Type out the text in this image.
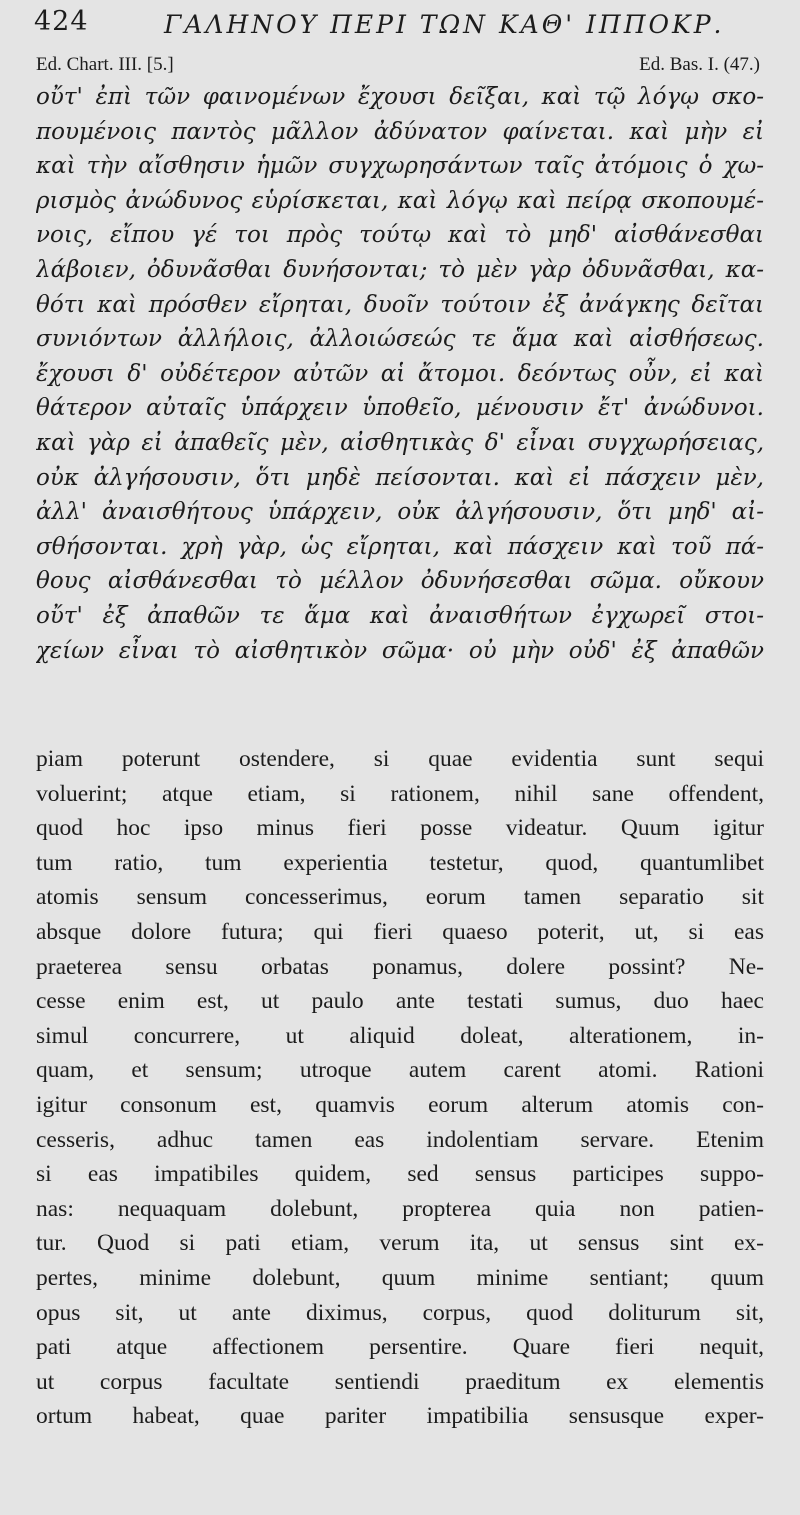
424	ΓΑΛΗΝΟΥ ΠΕΡΙ ΤΩΝ ΚΑΘ' ΙΠΠΟΚΡ.
Ed. Chart. III. [5.]	Ed. Bas. I. (47.)
οὔτ' ἐπὶ τῶν φαινομένων ἔχουσι δεῖξαι, καὶ τῷ λόγῳ σκο-
πουμένοις παντὸς μᾶλλον ἀδύνατον φαίνεται. καὶ μὴν εἰ
καὶ τὴν αἴσθησιν ἡμῶν συγχωρησάντων ταῖς ἀτόμοις ὁ χω-
ρισμὸς ἀνώδυνος εὑρίσκεται, καὶ λόγῳ καὶ πείρᾳ σκοπουμέ-
νοις, εἴπου γέ τοι πρὸς τούτῳ καὶ τὸ μηδ' αἰσθάνεσθαι
λάβοιεν, ὀδυνᾶσθαι δυνήσονται; τὸ μὲν γὰρ ὀδυνᾶσθαι, κα-
θότι καὶ πρόσθεν εἴρηται, δυοῖν τούτοιν ἐξ ἀνάγκης δεῖται
συνιόντων ἀλλήλοις, ἀλλοιώσεώς τε ἅμα καὶ αἰσθήσεως.
ἔχουσι δ' οὐδέτερον αὐτῶν αἱ ἄτομοι. δεόντως οὖν, εἰ καὶ
θάτερον αὐταῖς ὑπάρχειν ὑποθεῖο, μένουσιν ἔτ' ἀνώδυνοι.
καὶ γὰρ εἰ ἀπαθεῖς μὲν, αἰσθητικὰς δ' εἶναι συγχωρήσειας,
οὐκ ἀλγήσουσιν, ὅτι μηδὲ πείσονται. καὶ εἰ πάσχειν μὲν,
ἀλλ' ἀναισθήτους ὑπάρχειν, οὐκ ἀλγήσουσιν, ὅτι μηδ' αἰ-
σθήσονται. χρὴ γὰρ, ὡς εἴρηται, καὶ πάσχειν καὶ τοῦ πά-
θους αἰσθάνεσθαι τὸ μέλλον ὀδυνήσεσθαι σῶμα. οὔκουν
οὔτ' ἐξ ἀπαθῶν τε ἅμα καὶ ἀναισθήτων ἐγχωρεῖ στοι-
χείων εἶναι τὸ αἰσθητικὸν σῶμα· οὐ μὴν οὐδ' ἐξ ἀπαθῶν
piam poterunt ostendere, si quae evidentia sunt sequi
voluerint; atque etiam, si rationem, nihil sane offendent,
quod hoc ipso minus fieri posse videatur. Quum igitur
tum ratio, tum experientia testetur, quod, quantumlibet
atomis sensum concesserimus, eorum tamen separatio sit
absque dolore futura; qui fieri quaeso poterit, ut, si eas
praeterea sensu orbatas ponamus, dolere possint? Ne-
cesse enim est, ut paulo ante testati sumus, duo haec
simul concurrere, ut aliquid doleat, alterationem, in-
quam, et sensum; utroque autem carent atomi. Rationi
igitur consonum est, quamvis eorum alterum atomis con-
cesseris, adhuc tamen eas indolentiam servare. Etenim
si eas impatibiles quidem, sed sensus participes suppo-
nas: nequaquam dolebunt, propterea quia non patien-
tur. Quod si pati etiam, verum ita, ut sensus sint ex-
pertes, minime dolebunt, quum minime sentiant; quum
opus sit, ut ante diximus, corpus, quod doliturum sit,
pati atque affectionem persentire. Quare fieri nequit,
ut corpus facultate sentiendi praeditum ex elementis
ortum habeat, quae pariter impatibilia sensusque exper-
